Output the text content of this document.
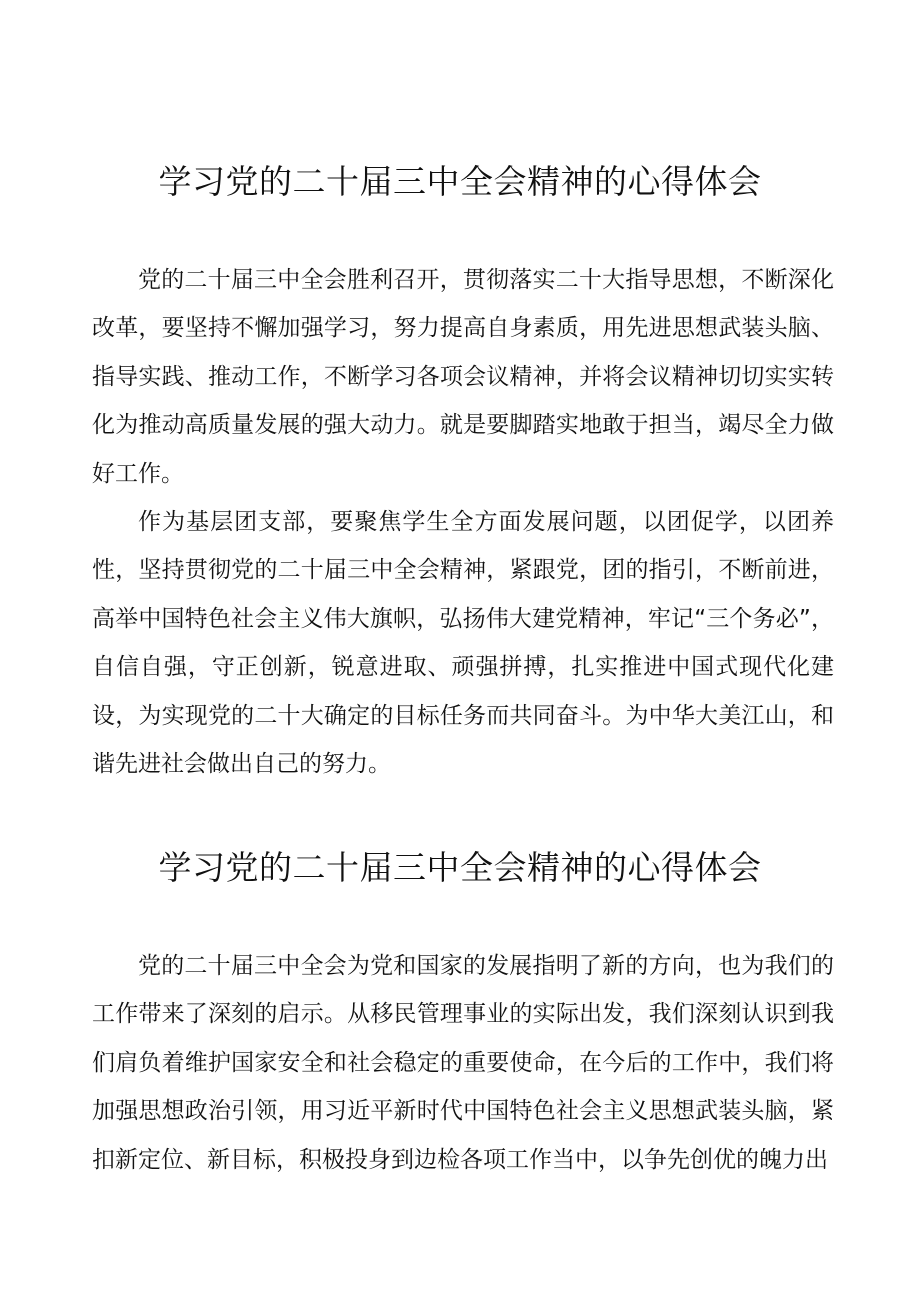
学习党的二十届三中全会精神的心得体会

党的二十届三中全会胜利召开，贯彻落实二十大指导思想，不断深化改革，要坚持不懈加强学习，努力提高自身素质，用先进思想武装头脑、指导实践、推动工作，不断学习各项会议精神，并将会议精神切切实实转化为推动高质量发展的强大动力。就是要脚踏实地敢于担当，竭尽全力做好工作。

作为基层团支部，要聚焦学生全方面发展问题，以团促学，以团养性，坚持贯彻党的二十届三中全会精神，紧跟党，团的指引，不断前进，高举中国特色社会主义伟大旗帜，弘扬伟大建党精神，牢记“三个务必”，自信自强，守正创新，锐意进取、顽强拼搏，扎实推进中国式现代化建设，为实现党的二十大确定的目标任务而共同奋斗。为中华大美江山，和谐先进社会做出自己的努力。

学习党的二十届三中全会精神的心得体会

党的二十届三中全会为党和国家的发展指明了新的方向，也为我们的工作带来了深刻的启示。从移民管理事业的实际出发，我们深刻认识到我们肩负着维护国家安全和社会稳定的重要使命，在今后的工作中，我们将加强思想政治引领，用习近平新时代中国特色社会主义思想武装头脑，紧扣新定位、新目标，积极投身到边检各项工作当中，以争先创优的魄力出
